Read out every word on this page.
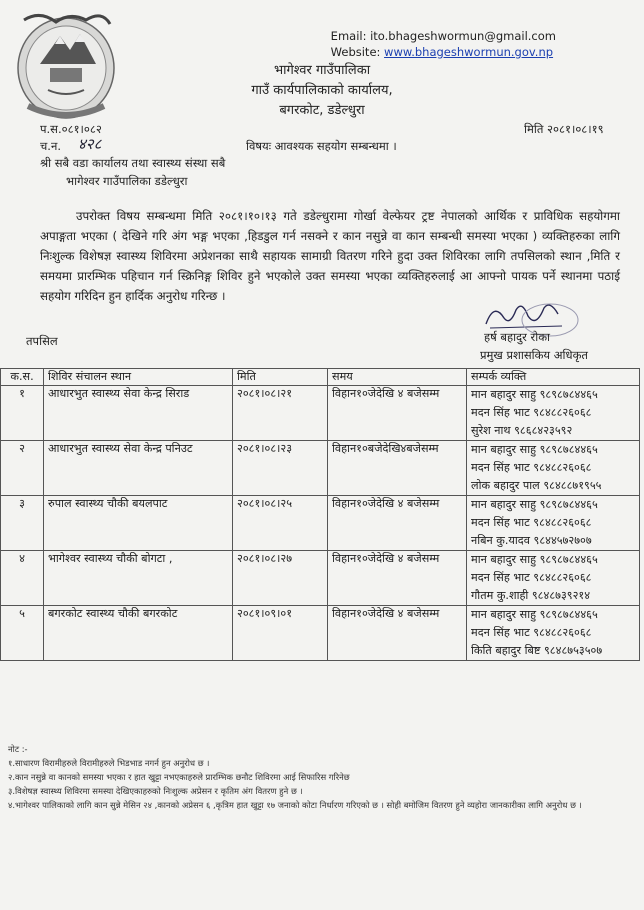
Email: ito.bhageshwormun@gmail.com
Website: www.bhageshwormun.gov.np
भागेश्वर गाउँपालिका
गाउँ कार्यपालिकाको कार्यालय,
बगरकोट, डडेल्धुरा
प.स.०८१।०८२	मिति २०८१।०८।१९
च.न. ४२८	विषयः आवश्यक सहयोग सम्बन्धमा ।
श्री सबै वडा कार्यालय तथा स्वास्थ्य संस्था सबै
भागेश्वर गाउँपालिका डडेल्धुरा
उपरोक्त विषय सम्बन्धमा मिति २०८१।१०।१३ गते डडेल्धुरामा गोर्खा वेल्फेयर ट्रष्ट नेपालको आर्थिक र प्राविधिक सहयोगमा अपाङ्गता भएका ( देखिने गरि अंग भङ्ग भएका ,हिडडुल गर्न नसक्ने र कान नसुन्ने वा कान सम्बन्धी समस्या भएका ) व्यक्तिहरुका लागि निःशुल्क विशेषज्ञ स्वास्थ्य शिविरमा अप्रेशनका साथै सहायक सामाग्री वितरण गरिने हुदा उक्त शिविरका लागि तपसिलको स्थान ,मिति र समयमा प्रारम्भिक पहिचान गर्न स्क्रिनिङ्ग शिविर हुने भएकोले उक्त समस्या भएका व्यक्तिहरुलाई आ आफ्नो पायक पर्ने स्थानमा पठाई सहयोग गरिदिन हुन हार्दिक अनुरोध गरिन्छ ।
तपसिल	हर्ष बहादुर रोका
प्रमुख प्रशासकिय अधिकृत
क.स.	शिविर संचालन स्थान	मिति	समय	सम्पर्क व्यक्ति
१	आधारभुत स्वास्थ्य सेवा केन्द्र सिराड	२०८१।०८।२१	विहान१०जेदेखि ४ बजेसम्म	मान बहादुर साहु ९८९८७८४४६५
मदन सिंह भाट ९८४८८२६०६८
सुरेश नाथ ९८६८४२३५९२

२	आधारभुत स्वास्थ्य सेवा केन्द्र पनिउट	२०८१।०८।२३	विहान१०बजेदेखि४बजेसम्म	मान बहादुर साहु ९८९८७८४४६५
मदन सिंह भाट ९८४८८२६०६८
लोक बहादुर पाल ९८४८८७१९५५

३	रुपाल स्वास्थ्य चौकी बयलपाट	२०८१।०८।२५	विहान१०जेदेखि ४ बजेसम्म	मान बहादुर साहु ९८९८७८४४६५
मदन सिंह भाट ९८४८८२६०६८
नबिन कु.यादव ९८४४५७२७०७

४	भागेश्वर स्वास्थ्य चौकी बोगटा ,	२०८१।०८।२७	विहान१०जेदेखि ४ बजेसम्म	मान बहादुर साहु ९८९८७८४४६५
मदन सिंह भाट ९८४८८२६०६८
गौतम कु.शाही ९८४८७३९२१४

५	बगरकोट स्वास्थ्य चौकी बगरकोट	२०८१।०९।०१	विहान१०जेदेखि ४ बजेसम्म	मान बहादुर साहु ९८९८७८४४६५
मदन सिंह भाट ९८४८८२६०६८
किति बहादुर बिष्ट ९८४८७५३५०७
नोट :-
१.साधारण विरामीहरुले विरामीहरुले भिडभाड नगर्न हुन अनुरोध छ ।
२.कान नसुन्ने वा कानको समस्या भएका र हात खुट्टा नभएकाहरुले प्रारम्भिक छनौट शिविरमा आई सिफारिस गरिनेछ
३.विशेषज्ञ स्वास्थ्य शिविरमा समस्या देखिएकाहरुको निःशुल्क अप्रेसन र कृतिम अंग वितरण हुने छ ।
४.भागेश्वर पालिकाको लागि कान सुन्ने मेसिन २४ ,कानको अप्रेसन ६ ,कृत्रिम हात खुट्टा १७ जनाको कोटा निर्धारण गरिएको छ । सोही बमोजिम वितरण हुने व्यहोरा जानकारीका लागि अनुरोध छ ।
